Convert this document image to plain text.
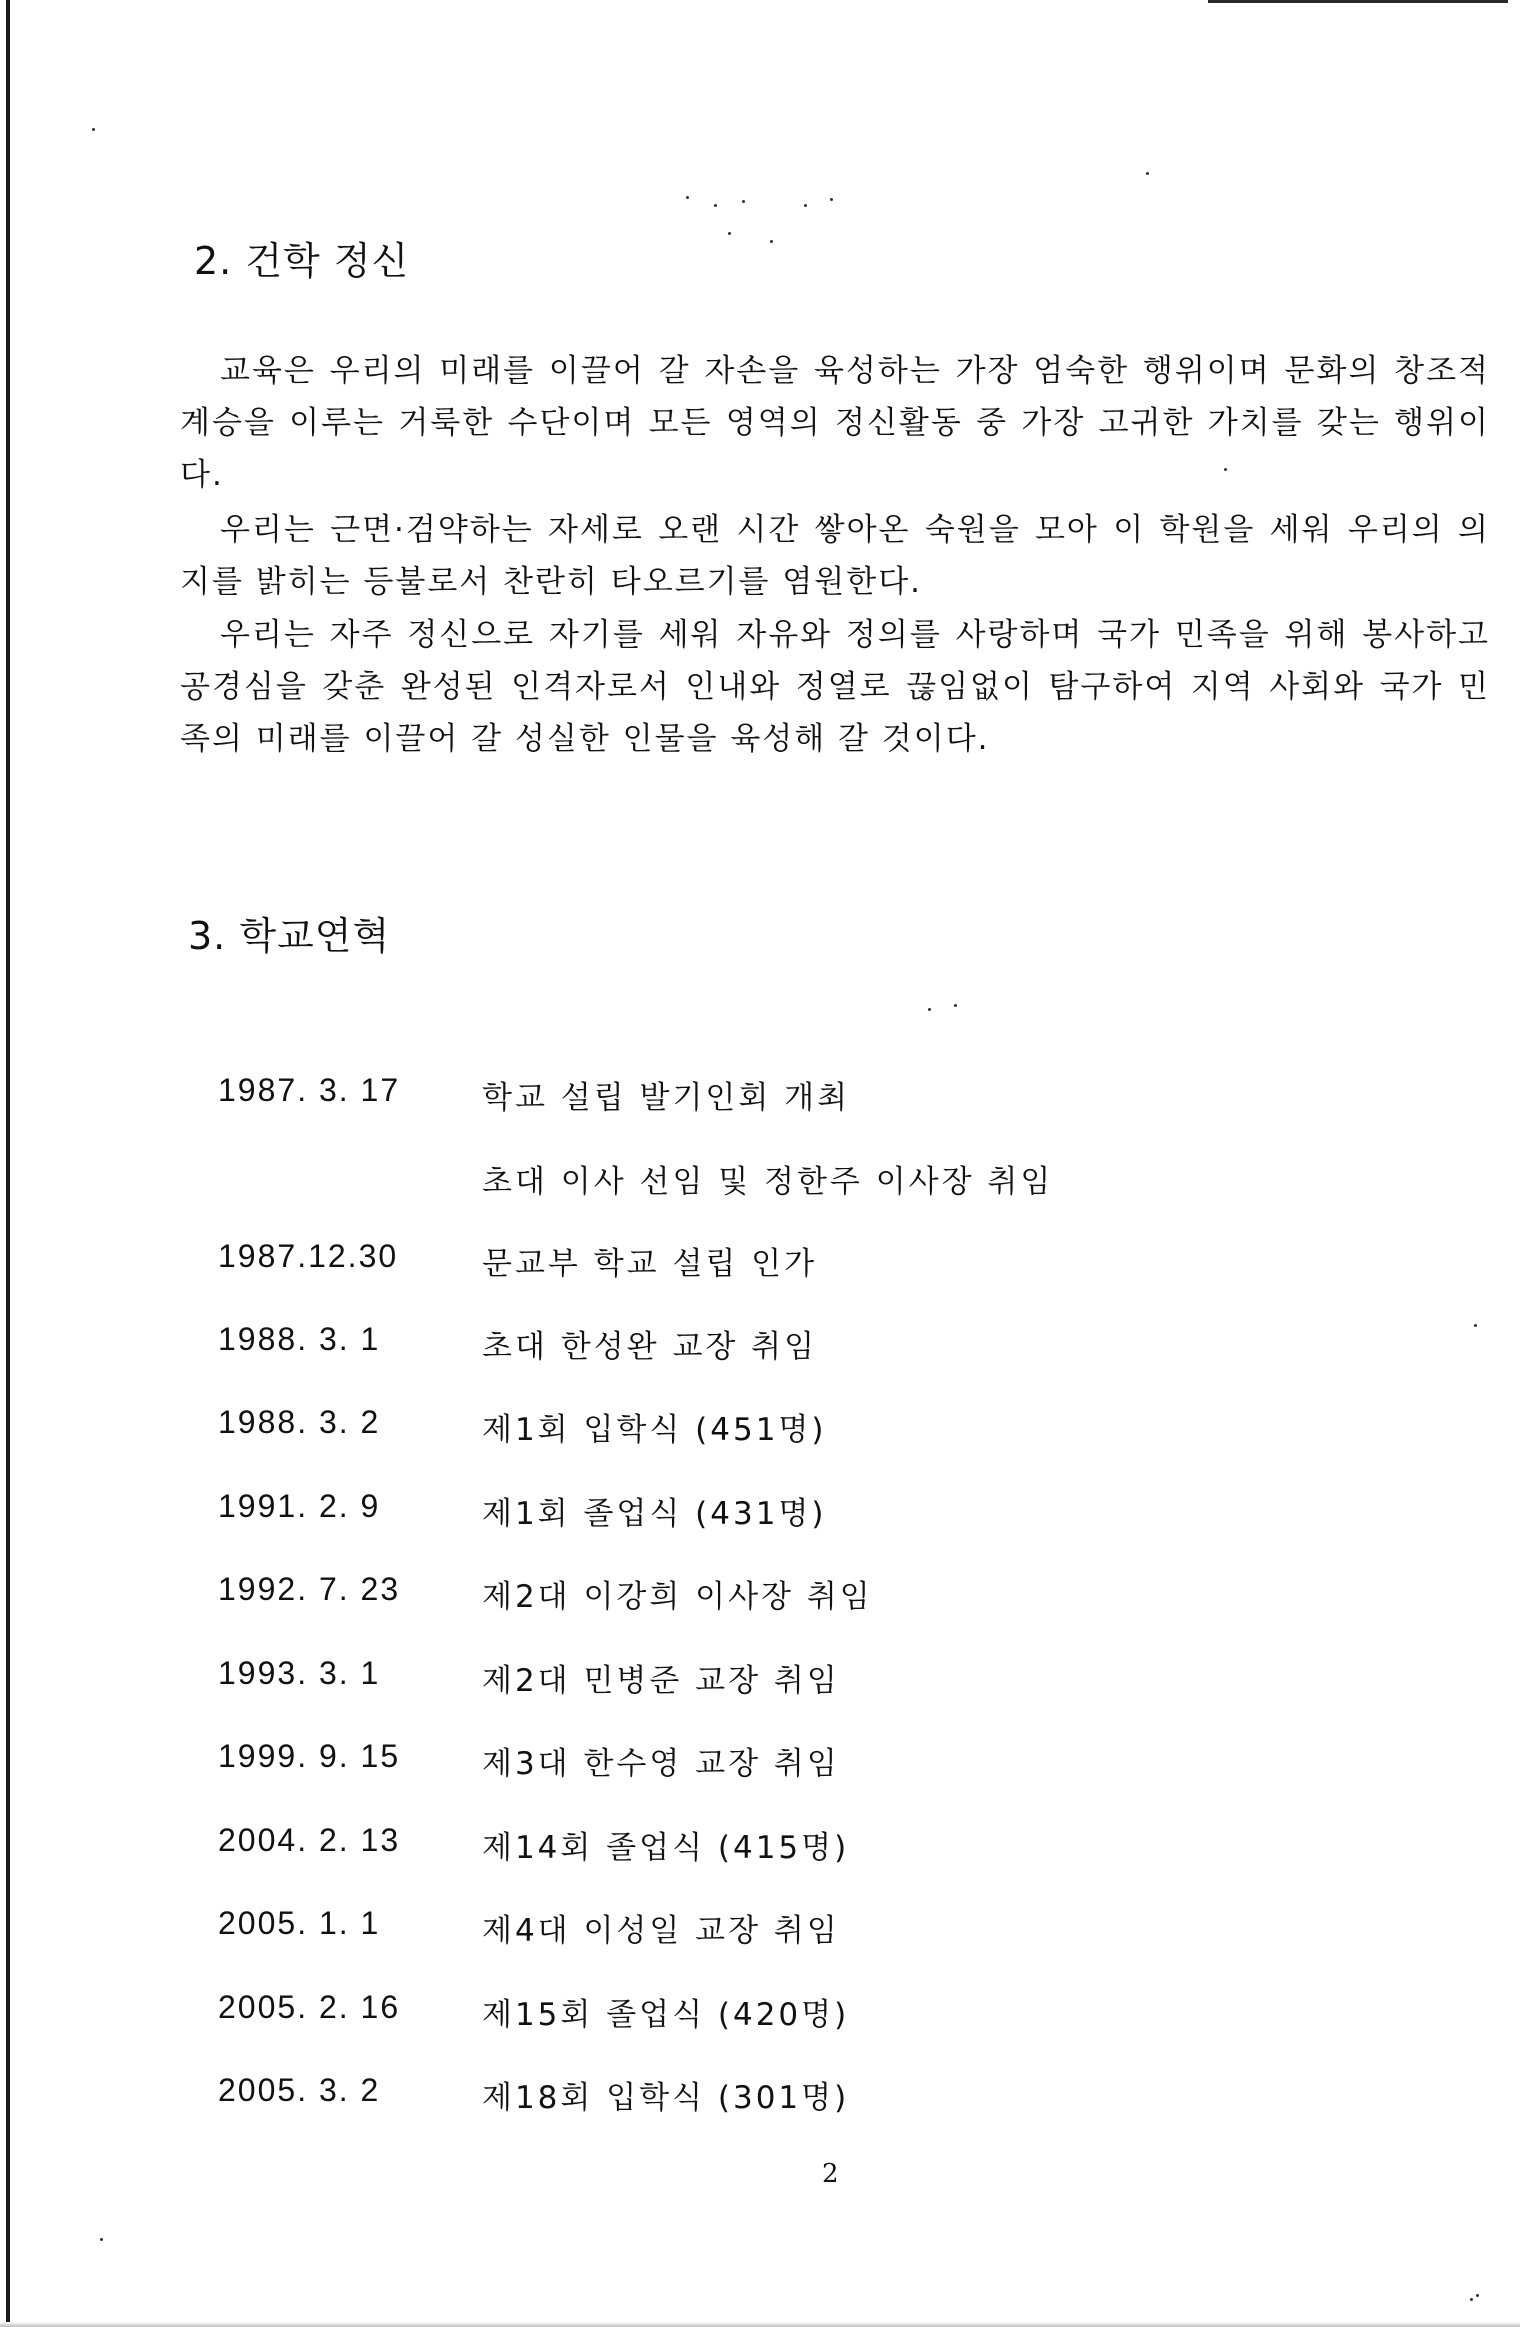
2. 건학 정신

교육은 우리의 미래를 이끌어 갈 자손을 육성하는 가장 엄숙한 행위이며 문화의 창조적 계승을 이루는 거룩한 수단이며 모든 영역의 정신활동 중 가장 고귀한 가치를 갖는 행위이다.

우리는 근면·검약하는 자세로 오랜 시간 쌓아온 숙원을 모아 이 학원을 세워 우리의 의지를 밝히는 등불로서 찬란히 타오르기를 염원한다.

우리는 자주 정신으로 자기를 세워 자유와 정의를 사랑하며 국가 민족을 위해 봉사하고 공경심을 갖춘 완성된 인격자로서 인내와 정열로 끊임없이 탐구하여 지역 사회와 국가 민족의 미래를 이끌어 갈 성실한 인물을 육성해 갈 것이다.

3. 학교연혁
1987. 3. 17	학교 설립 발기인회 개최
초대 이사 선임 및 정한주 이사장 취임
1987.12.30	문교부 학교 설립 인가
1988. 3. 1	초대 한성완 교장 취임
1988. 3. 2	제1회 입학식 (451명)
1991. 2. 9	제1회 졸업식 (431명)
1992. 7. 23	제2대 이강희 이사장 취임
1993. 3. 1	제2대 민병준 교장 취임
1999. 9. 15	제3대 한수영 교장 취임
2004. 2. 13	제14회 졸업식 (415명)
2005. 1. 1	제4대 이성일 교장 취임
2005. 2. 16	제15회 졸업식 (420명)
2005. 3. 2	제18회 입학식 (301명)
2
